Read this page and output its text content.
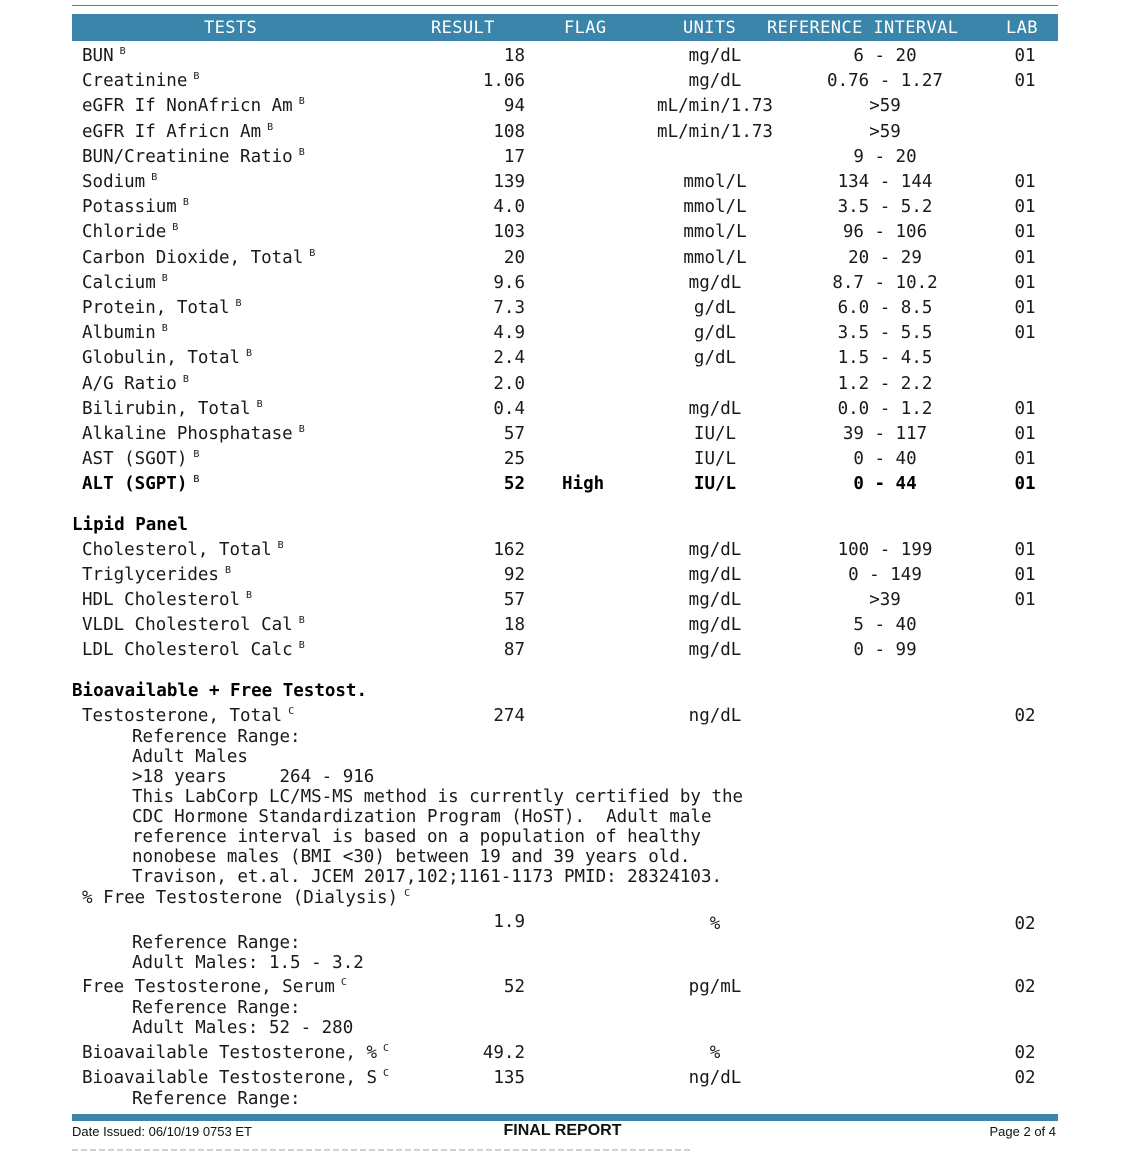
TESTS	RESULT	FLAG	UNITS REFERENCE INTERVAL	LAB
BUN $^B$	18	mg/dL	6 - 20	01
Creatinine $^B$	1.06	mg/dL	0.76 - 1.27	01
eGFR If NonAfricn Am $^B$	94	mL/min/1.73	>59
eGFR If Africn Am $^B$	108	mL/min/1.73	>59
BUN/Creatinine Ratio $^B$	17	9 - 20
Sodium $^B$	139	mmol/L	134 - 144	01
Potassium $^B$	4.0	mmol/L	3.5 - 5.2	01
Chloride $^B$	103	mmol/L	96 - 106	01
Carbon Dioxide, Total $^B$	20	mmol/L	20 - 29	01
Calcium $^B$	9.6	mg/dL	8.7 - 10.2	01
Protein, Total $^B$	7.3	g/dL	6.0 - 8.5	01
Albumin $^B$	4.9	g/dL	3.5 - 5.5	01
Globulin, Total $^B$	2.4	g/dL	1.5 - 4.5
A/G Ratio $^B$	2.0	1.2 - 2.2
Bilirubin, Total $^B$	0.4	mg/dL	0.0 - 1.2	01
Alkaline Phosphatase $^B$	57	IU/L	39 - 117	01
AST (SGOT) $^B$	25	IU/L	0 - 40	01
ALT (SGPT) $^B$	52 High	IU/L	0 - 44	01
Lipid Panel
Cholesterol, Total $^B$	162	mg/dL	100 - 199	01
Triglycerides $^B$	92	mg/dL	0 - 149	01
HDL Cholesterol $^B$	57	mg/dL	>39	01
VLDL Cholesterol Cal $^B$	18	mg/dL	5 - 40
LDL Cholesterol Calc $^B$	87	mg/dL	0 - 99
Bioavailable + Free Testost.
Testosterone, Total $^C$	274	ng/dL	02
Reference Range:
Adult Males
>18 years     264 - 916
This LabCorp LC/MS-MS method is currently certified by the
CDC Hormone Standardization Program (HoST).  Adult male
reference interval is based on a population of healthy
nonobese males (BMI <30) between 19 and 39 years old.
Travison, et.al. JCEM 2017,102;1161-1173 PMID: 28324103.
% Free Testosterone (Dialysis) $^C$
1.9	%	02
Reference Range:
Adult Males: 1.5 - 3.2
Free Testosterone, Serum $^C$	52	pg/mL	02
Reference Range:
Adult Males: 52 - 280
Bioavailable Testosterone, % $^C$	49.2	%	02
Bioavailable Testosterone, S $^C$	135	ng/dL	02
Reference Range:
Date Issued: 06/10/19 0753 ET	FINAL REPORT	Page 2 of 4
